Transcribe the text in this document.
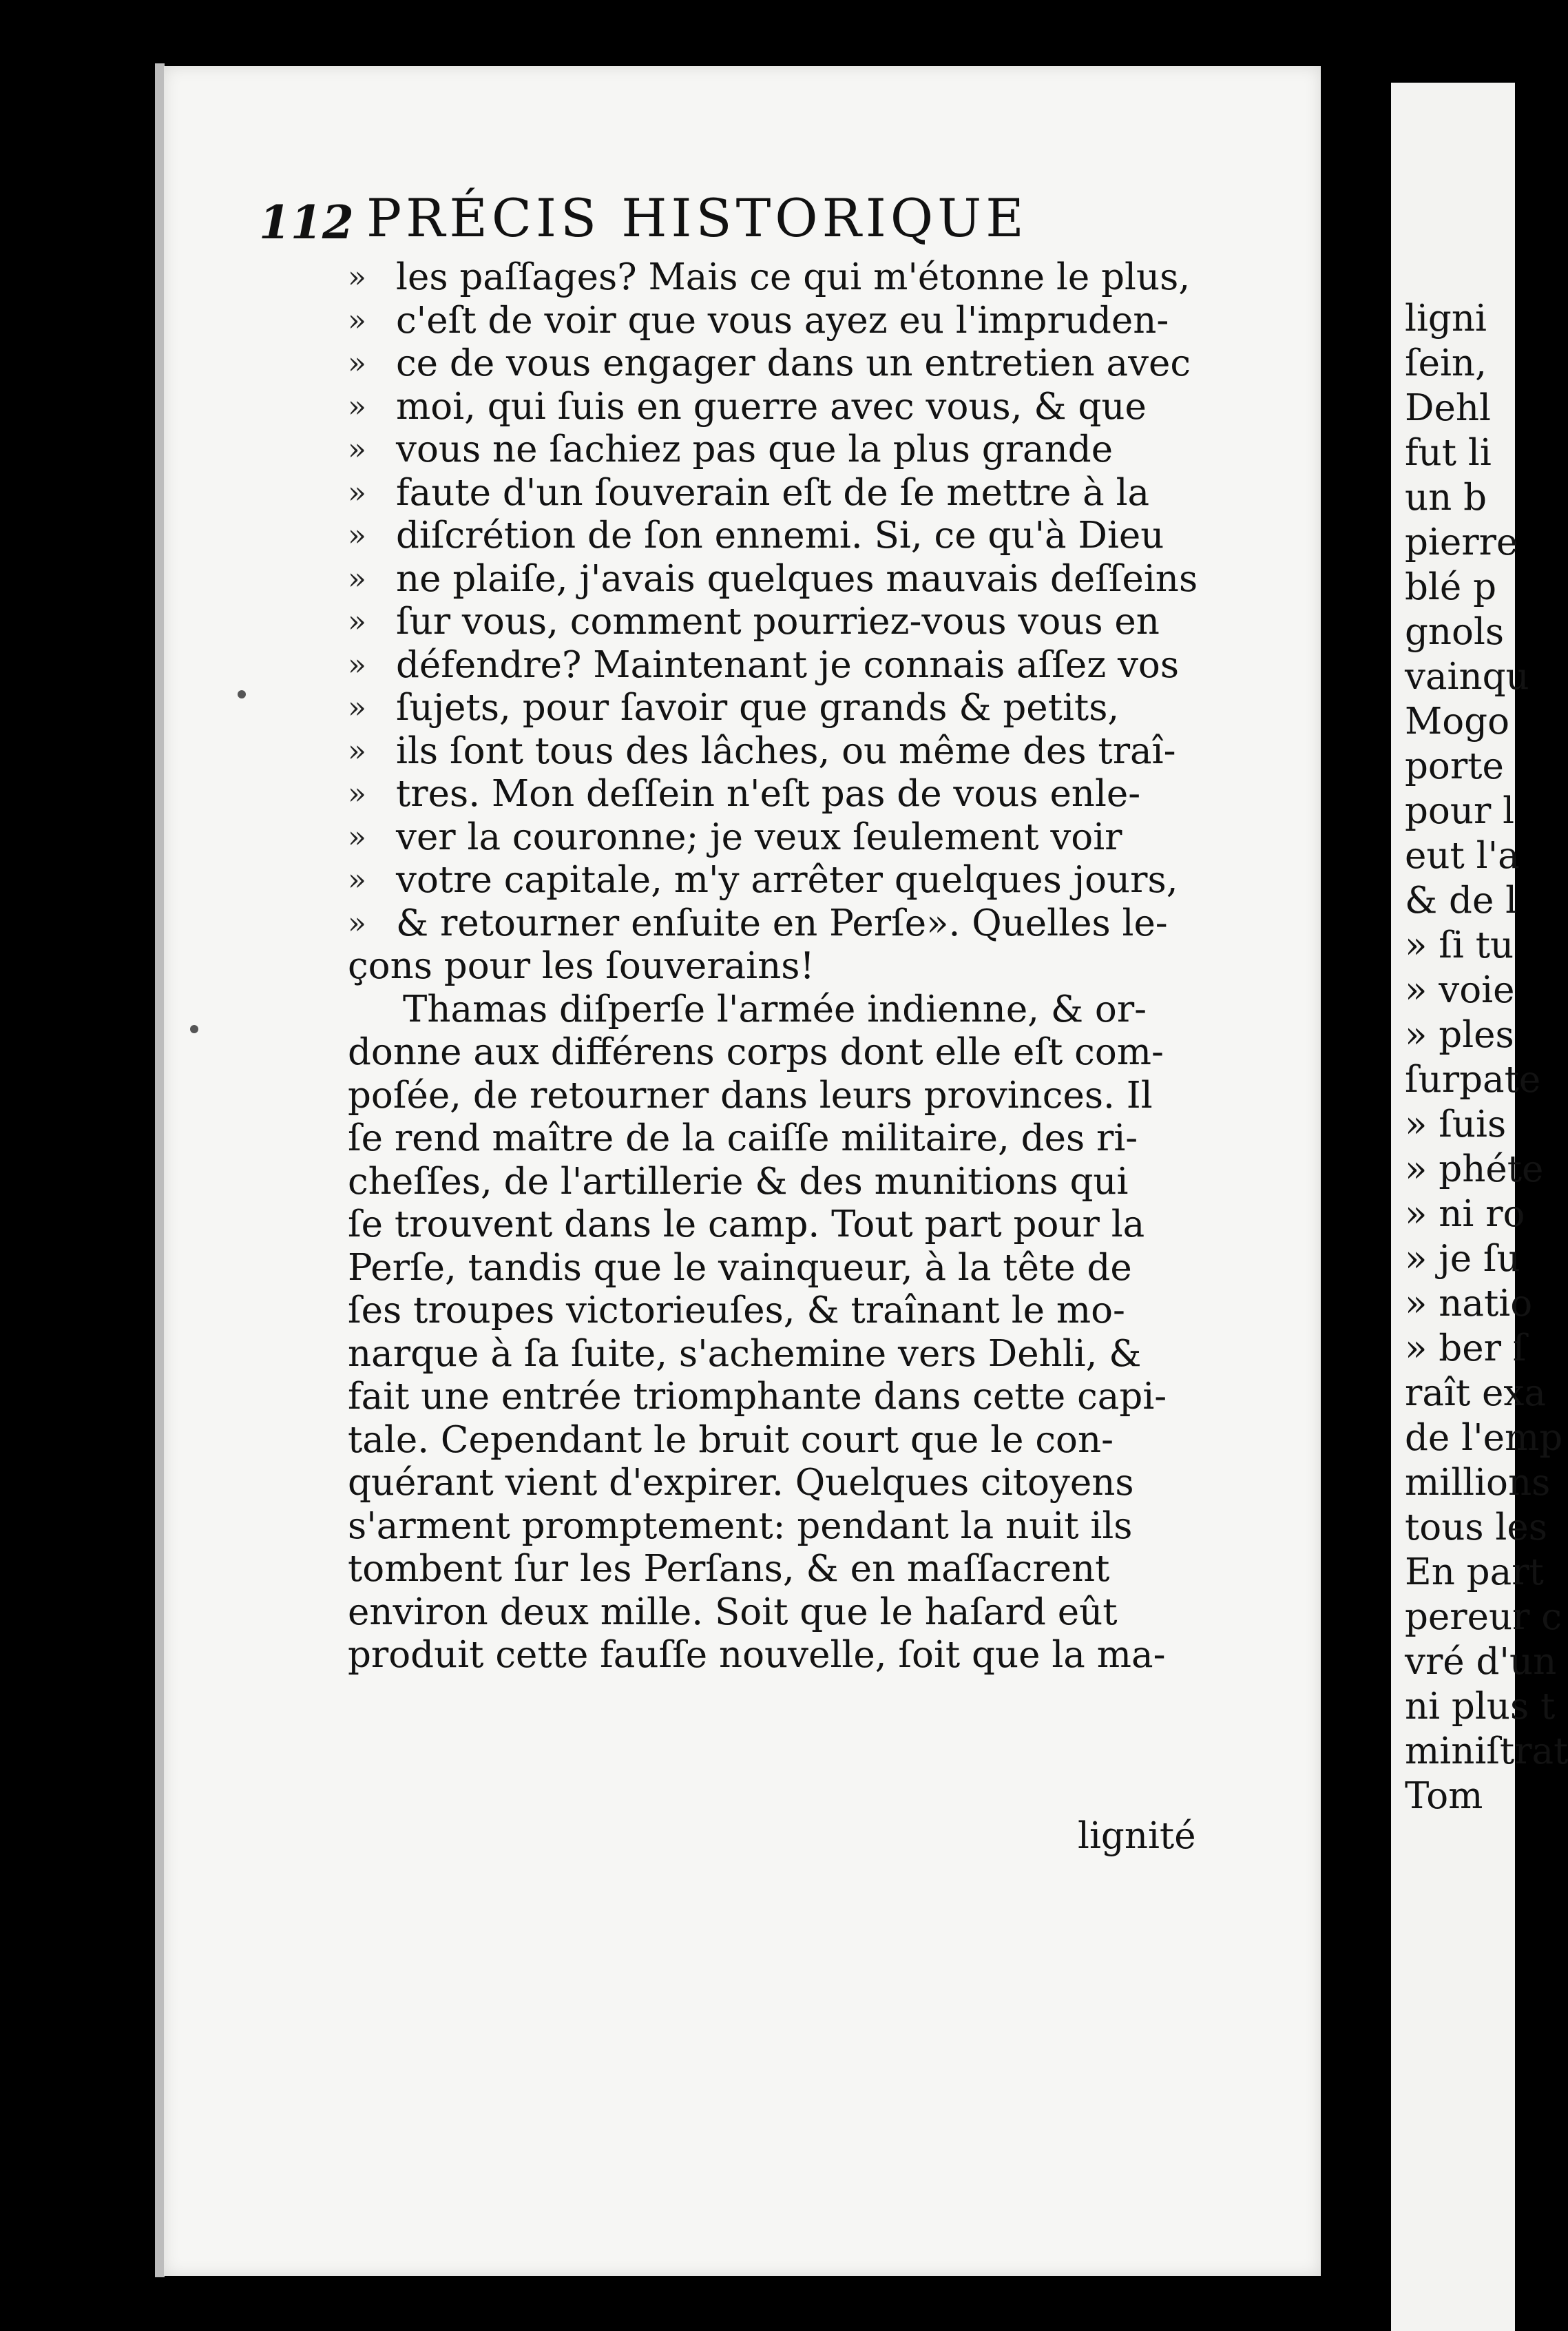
112 PRÉCIS HISTORIQUE
» les paſſages? Mais ce qui m'étonne le plus,
» c'eſt de voir que vous ayez eu l'impruden-
» ce de vous engager dans un entretien avec
» moi, qui ſuis en guerre avec vous, & que
» vous ne ſachiez pas que la plus grande
» faute d'un ſouverain eſt de ſe mettre à la
» diſcrétion de ſon ennemi. Si, ce qu'à Dieu
» ne plaiſe, j'avais quelques mauvais deſſeins
» ſur vous, comment pourriez-vous vous en
» défendre? Maintenant je connais aſſez vos
» ſujets, pour ſavoir que grands & petits,
» ils ſont tous des lâches, ou même des traî-
» tres. Mon deſſein n'eſt pas de vous enle-
» ver la couronne; je veux ſeulement voir
» votre capitale, m'y arrêter quelques jours,
» & retourner enſuite en Perſe». Quelles le-
çons pour les ſouverains!
Thamas diſperſe l'armée indienne, & or-
donne aux différens corps dont elle eſt com-
poſée, de retourner dans leurs provinces. Il
ſe rend maître de la caiſſe militaire, des ri-
cheſſes, de l'artillerie & des munitions qui
ſe trouvent dans le camp. Tout part pour la
Perſe, tandis que le vainqueur, à la tête de
ſes troupes victorieuſes, & traînant le mo-
narque à ſa ſuite, s'achemine vers Dehli, &
fait une entrée triomphante dans cette capi-
tale. Cependant le bruit court que le con-
quérant vient d'expirer. Quelques citoyens
s'arment promptement: pendant la nuit ils
tombent ſur les Perſans, & en maſſacrent
environ deux mille. Soit que le haſard eût
produit cette fauſſe nouvelle, ſoit que la ma-
lignité
ligni
ſein,
Dehl
fut li
un b
pierre
blé p
gnols
vainqu
Mogo
porte
pour l
eut l'a
& de l
» ſi tu
» voie
» ples
ſurpate
» ſuis
» phéte
» ni ro
» je ſu
» natio
» ber ſ
raît exa
de l'emp
millions
tous les
En part
pereur c
vré d'un
ni plus t
miniſtrat
Tom
